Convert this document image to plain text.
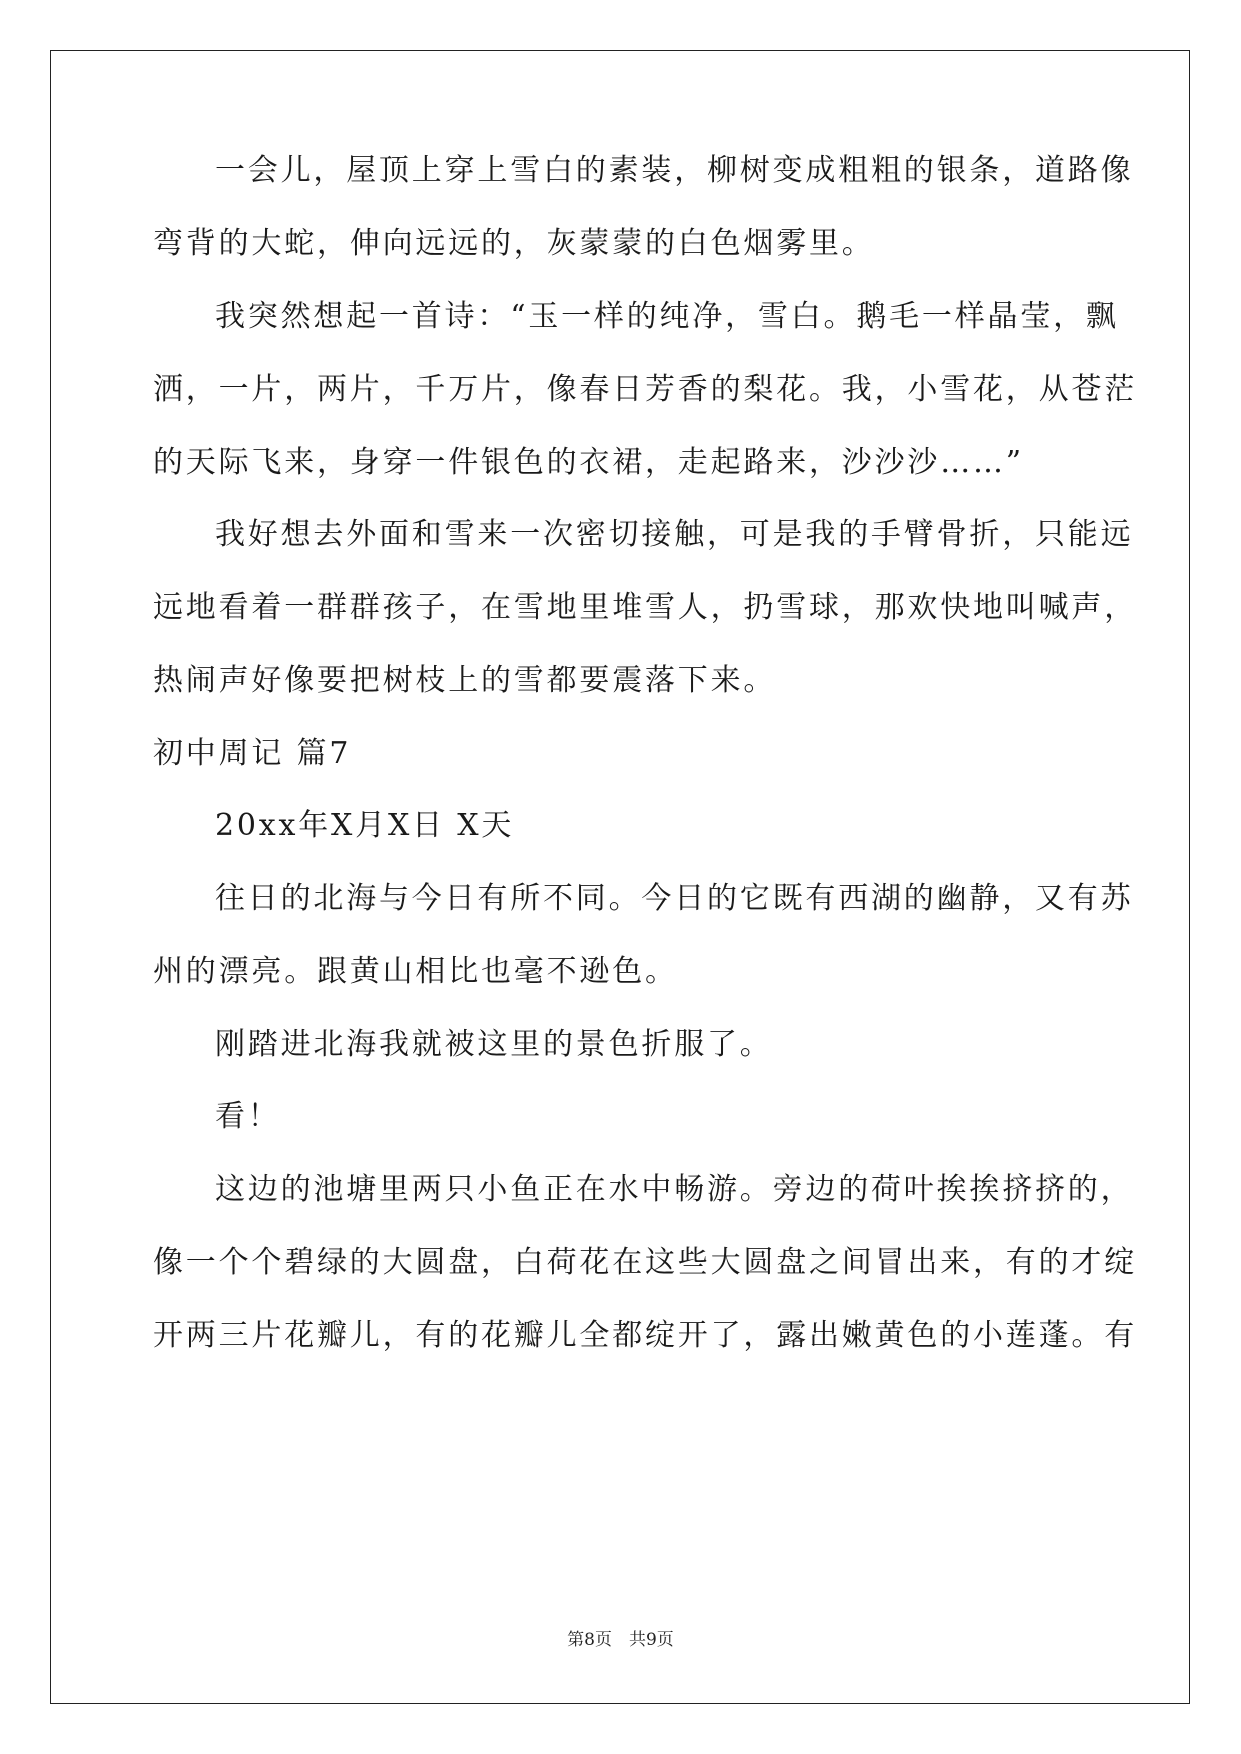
一会儿，屋顶上穿上雪白的素装，柳树变成粗粗的银条，道路像
弯背的大蛇，伸向远远的，灰蒙蒙的白色烟雾里。
我突然想起一首诗：“玉一样的纯净，雪白。鹅毛一样晶莹，飘
洒，一片，两片，千万片，像春日芳香的梨花。我，小雪花，从苍茫
的天际飞来，身穿一件银色的衣裙，走起路来，沙沙沙……”
我好想去外面和雪来一次密切接触，可是我的手臂骨折，只能远
远地看着一群群孩子，在雪地里堆雪人，扔雪球，那欢快地叫喊声，
热闹声好像要把树枝上的雪都要震落下来。
初中周记 篇7
20xx年X月X日 X天
往日的北海与今日有所不同。今日的它既有西湖的幽静，又有苏
州的漂亮。跟黄山相比也毫不逊色。
刚踏进北海我就被这里的景色折服了。
看！
这边的池塘里两只小鱼正在水中畅游。旁边的荷叶挨挨挤挤的，
像一个个碧绿的大圆盘，白荷花在这些大圆盘之间冒出来，有的才绽
开两三片花瓣儿，有的花瓣儿全都绽开了，露出嫩黄色的小莲蓬。有
第8页　共9页
